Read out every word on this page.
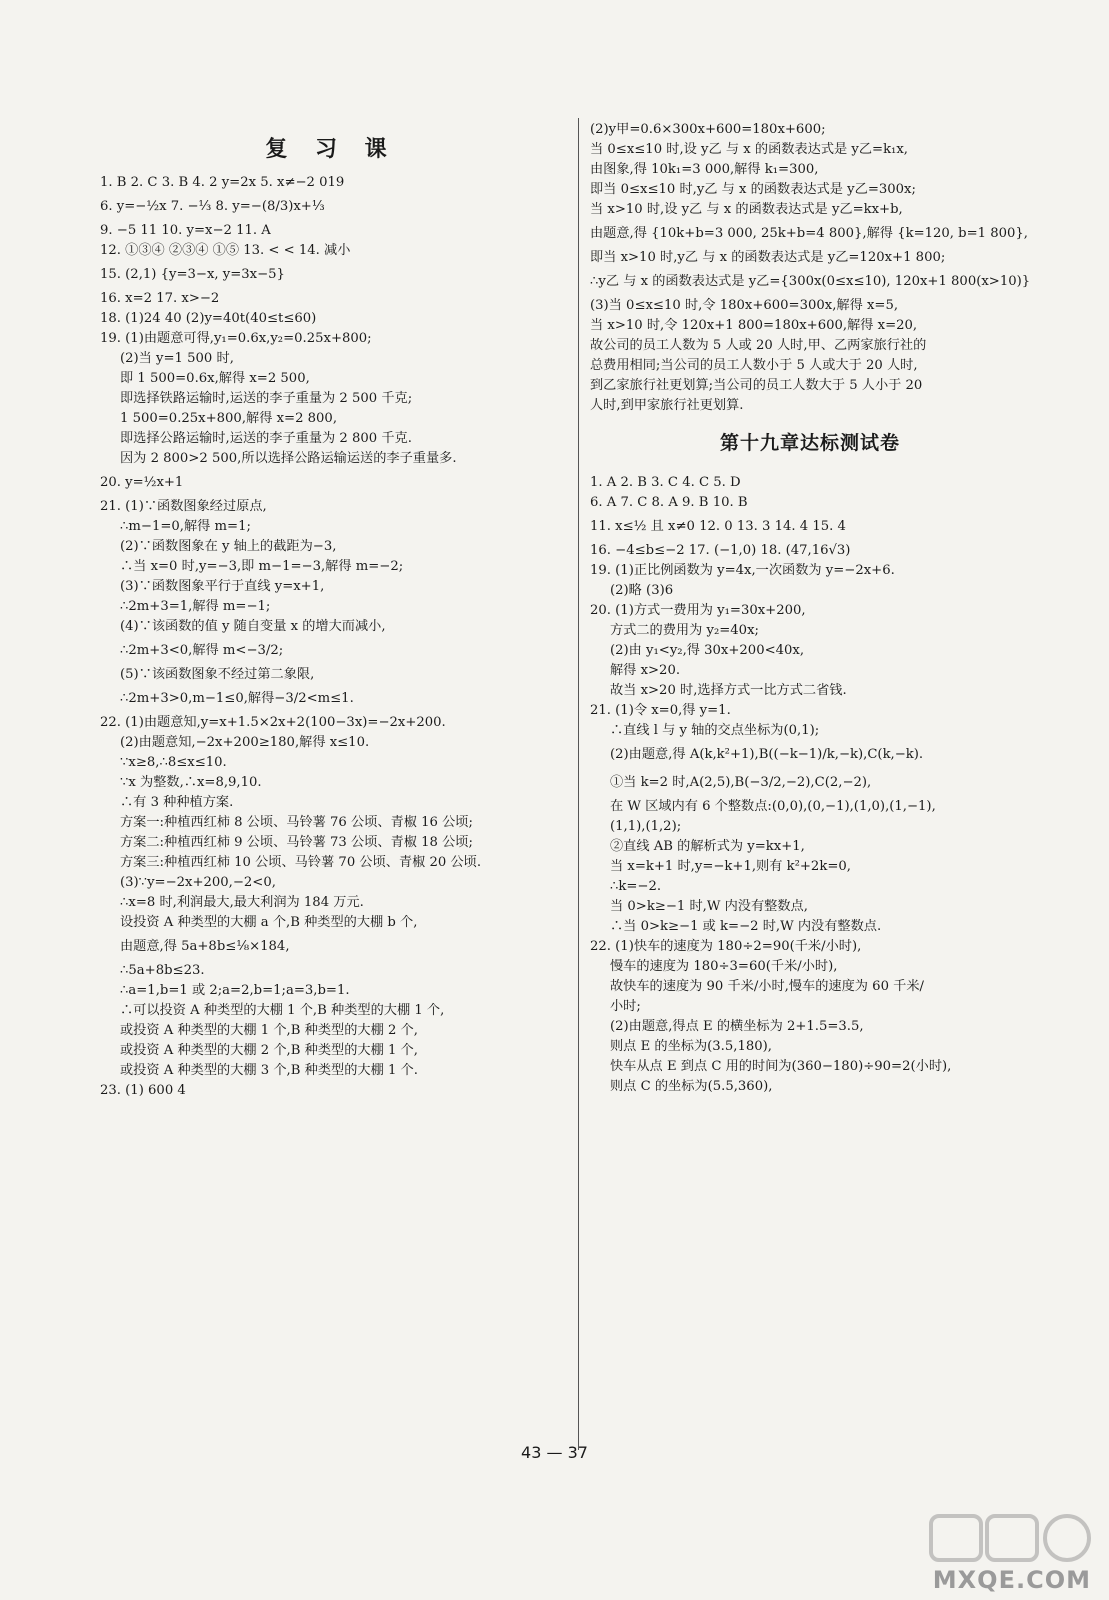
复 习 课
1. B 2. C 3. B 4. 2 y=2x 5. x≠−2 019
6. y=−½x 7. −⅓ 8. y=−(8/3)x+⅓
9. −5 11 10. y=x−2 11. A
12. ①③④ ②③④ ①⑤ 13. < < 14. 减小
15. (2,1) {y=3−x, y=3x−5}
16. x=2 17. x>−2
18. (1)24 40 (2)y=40t(40≤t≤60)
19. (1)由题意可得,y₁=0.6x,y₂=0.25x+800;
(2)当 y=1 500 时,
即 1 500=0.6x,解得 x=2 500,
即选择铁路运输时,运送的李子重量为 2 500 千克;
1 500=0.25x+800,解得 x=2 800,
即选择公路运输时,运送的李子重量为 2 800 千克.
因为 2 800>2 500,所以选择公路运输运送的李子重量多.
20. y=½x+1
21. (1)∵函数图象经过原点,
∴m−1=0,解得 m=1;
(2)∵函数图象在 y 轴上的截距为−3,
∴当 x=0 时,y=−3,即 m−1=−3,解得 m=−2;
(3)∵函数图象平行于直线 y=x+1,
∴2m+3=1,解得 m=−1;
(4)∵该函数的值 y 随自变量 x 的增大而减小,
∴2m+3<0,解得 m<−3/2;
(5)∵该函数图象不经过第二象限,
∴2m+3>0,m−1≤0,解得−3/2<m≤1.
22. (1)由题意知,y=x+1.5×2x+2(100−3x)=−2x+200.
(2)由题意知,−2x+200≥180,解得 x≤10.
∵x≥8,∴8≤x≤10.
∵x 为整数,∴x=8,9,10.
∴有 3 种种植方案.
方案一:种植西红柿 8 公顷、马铃薯 76 公顷、青椒 16 公顷;
方案二:种植西红柿 9 公顷、马铃薯 73 公顷、青椒 18 公顷;
方案三:种植西红柿 10 公顷、马铃薯 70 公顷、青椒 20 公顷.
(3)∵y=−2x+200,−2<0,
∴x=8 时,利润最大,最大利润为 184 万元.
设投资 A 种类型的大棚 a 个,B 种类型的大棚 b 个,
由题意,得 5a+8b≤⅛×184,
∴5a+8b≤23.
∴a=1,b=1 或 2;a=2,b=1;a=3,b=1.
∴可以投资 A 种类型的大棚 1 个,B 种类型的大棚 1 个,
或投资 A 种类型的大棚 1 个,B 种类型的大棚 2 个,
或投资 A 种类型的大棚 2 个,B 种类型的大棚 1 个,
或投资 A 种类型的大棚 3 个,B 种类型的大棚 1 个.
23. (1) 600 4
(2)y甲=0.6×300x+600=180x+600;
当 0≤x≤10 时,设 y乙 与 x 的函数表达式是 y乙=k₁x,
由图象,得 10k₁=3 000,解得 k₁=300,
即当 0≤x≤10 时,y乙 与 x 的函数表达式是 y乙=300x;
当 x>10 时,设 y乙 与 x 的函数表达式是 y乙=kx+b,
由题意,得 {10k+b=3 000, 25k+b=4 800},解得 {k=120, b=1 800},
即当 x>10 时,y乙 与 x 的函数表达式是 y乙=120x+1 800;
∴y乙 与 x 的函数表达式是 y乙={300x(0≤x≤10), 120x+1 800(x>10)}
(3)当 0≤x≤10 时,令 180x+600=300x,解得 x=5,
当 x>10 时,令 120x+1 800=180x+600,解得 x=20,
故公司的员工人数为 5 人或 20 人时,甲、乙两家旅行社的
总费用相同;当公司的员工人数小于 5 人或大于 20 人时,
到乙家旅行社更划算;当公司的员工人数大于 5 人小于 20
人时,到甲家旅行社更划算.
第十九章达标测试卷
1. A 2. B 3. C 4. C 5. D
6. A 7. C 8. A 9. B 10. B
11. x≤½ 且 x≠0 12. 0 13. 3 14. 4 15. 4
16. −4≤b≤−2 17. (−1,0) 18. (47,16√3)
19. (1)正比例函数为 y=4x,一次函数为 y=−2x+6.
(2)略 (3)6
20. (1)方式一费用为 y₁=30x+200,
方式二的费用为 y₂=40x;
(2)由 y₁<y₂,得 30x+200<40x,
解得 x>20.
故当 x>20 时,选择方式一比方式二省钱.
21. (1)令 x=0,得 y=1.
∴直线 l 与 y 轴的交点坐标为(0,1);
(2)由题意,得 A(k,k²+1),B((−k−1)/k,−k),C(k,−k).
①当 k=2 时,A(2,5),B(−3/2,−2),C(2,−2),
在 W 区域内有 6 个整数点:(0,0),(0,−1),(1,0),(1,−1),
(1,1),(1,2);
②直线 AB 的解析式为 y=kx+1,
当 x=k+1 时,y=−k+1,则有 k²+2k=0,
∴k=−2.
当 0>k≥−1 时,W 内没有整数点,
∴当 0>k≥−1 或 k=−2 时,W 内没有整数点.
22. (1)快车的速度为 180÷2=90(千米/小时),
慢车的速度为 180÷3=60(千米/小时),
故快车的速度为 90 千米/小时,慢车的速度为 60 千米/
小时;
(2)由题意,得点 E 的横坐标为 2+1.5=3.5,
则点 E 的坐标为(3.5,180),
快车从点 E 到点 C 用的时间为(360−180)÷90=2(小时),
则点 C 的坐标为(5.5,360),
43 — 37
MXQE.COM
